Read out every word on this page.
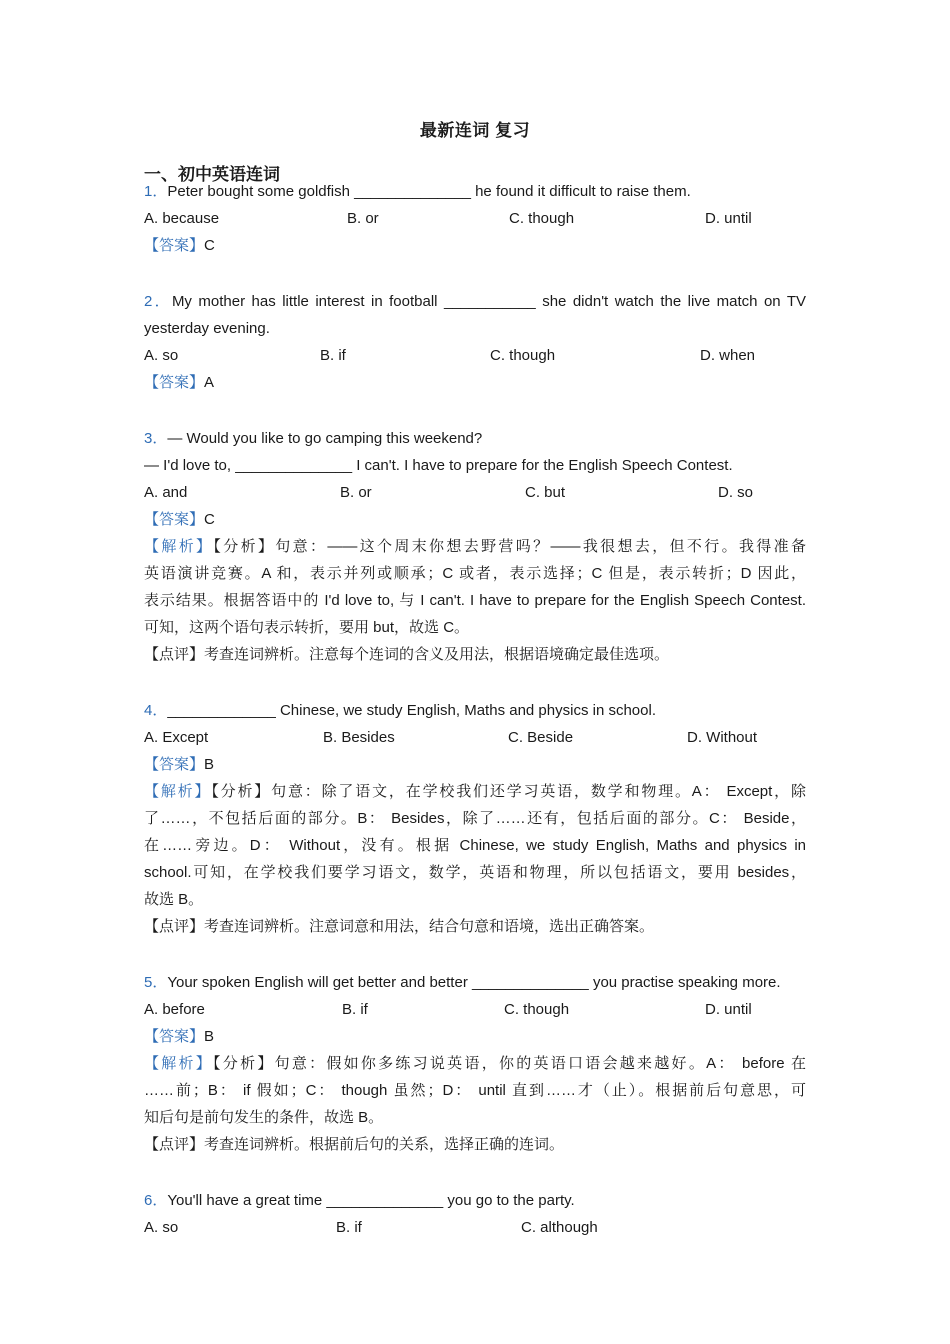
最新连词 复习
一、初中英语连词
1．Peter bought some goldfish ______________ he found it difficult to raise them.
A. because	B. or	C. though	D. until
【答案】C
2．My mother has little interest in football ___________ she didn't watch the live match on TV
yesterday evening.
A. so	B. if	C. though	D. when
【答案】A
3．— Would you like to go camping this weekend?
— I'd love to, ______________ I can't. I have to prepare for the English Speech Contest.
A. and	B. or	C. but	D. so
【答案】C
【解析】【分析】句意：——这个周末你想去野营吗？——我很想去，但不行。我得准备
英语演讲竞赛。A 和，表示并列或顺承；C 或者，表示选择；C 但是，表示转折；D 因此，
表示结果。根据答语中的 I'd love to, 与 I can't. I have to prepare for the English Speech Contest.
可知，这两个语句表示转折，要用 but，故选 C。
【点评】考查连词辨析。注意每个连词的含义及用法，根据语境确定最佳选项。
4．_____________ Chinese, we study English, Maths and physics in school.
A. Except	B. Besides	C. Beside	D. Without
【答案】B
【解析】【分析】句意：除了语文，在学校我们还学习英语，数学和物理。A： Except，除
了……，不包括后面的部分。B： Besides，除了……还有，包括后面的部分。C： Beside，
在……旁边。D： Without，没有。根据 Chinese, we study English, Maths and physics in
school.可知，在学校我们要学习语文，数学，英语和物理，所以包括语文，要用 besides，
故选 B。
【点评】考查连词辨析。注意词意和用法，结合句意和语境，选出正确答案。
5．Your spoken English will get better and better ______________ you practise speaking more.
A. before	B. if	C. though	D. until
【答案】B
【解析】【分析】句意：假如你多练习说英语，你的英语口语会越来越好。A： before 在
……前；B： if 假如；C： though 虽然；D： until 直到……才（止）。根据前后句意思，可
知后句是前句发生的条件，故选 B。
【点评】考查连词辨析。根据前后句的关系，选择正确的连词。
6．You'll have a great time ______________ you go to the party.
A. so	B. if	C. although
